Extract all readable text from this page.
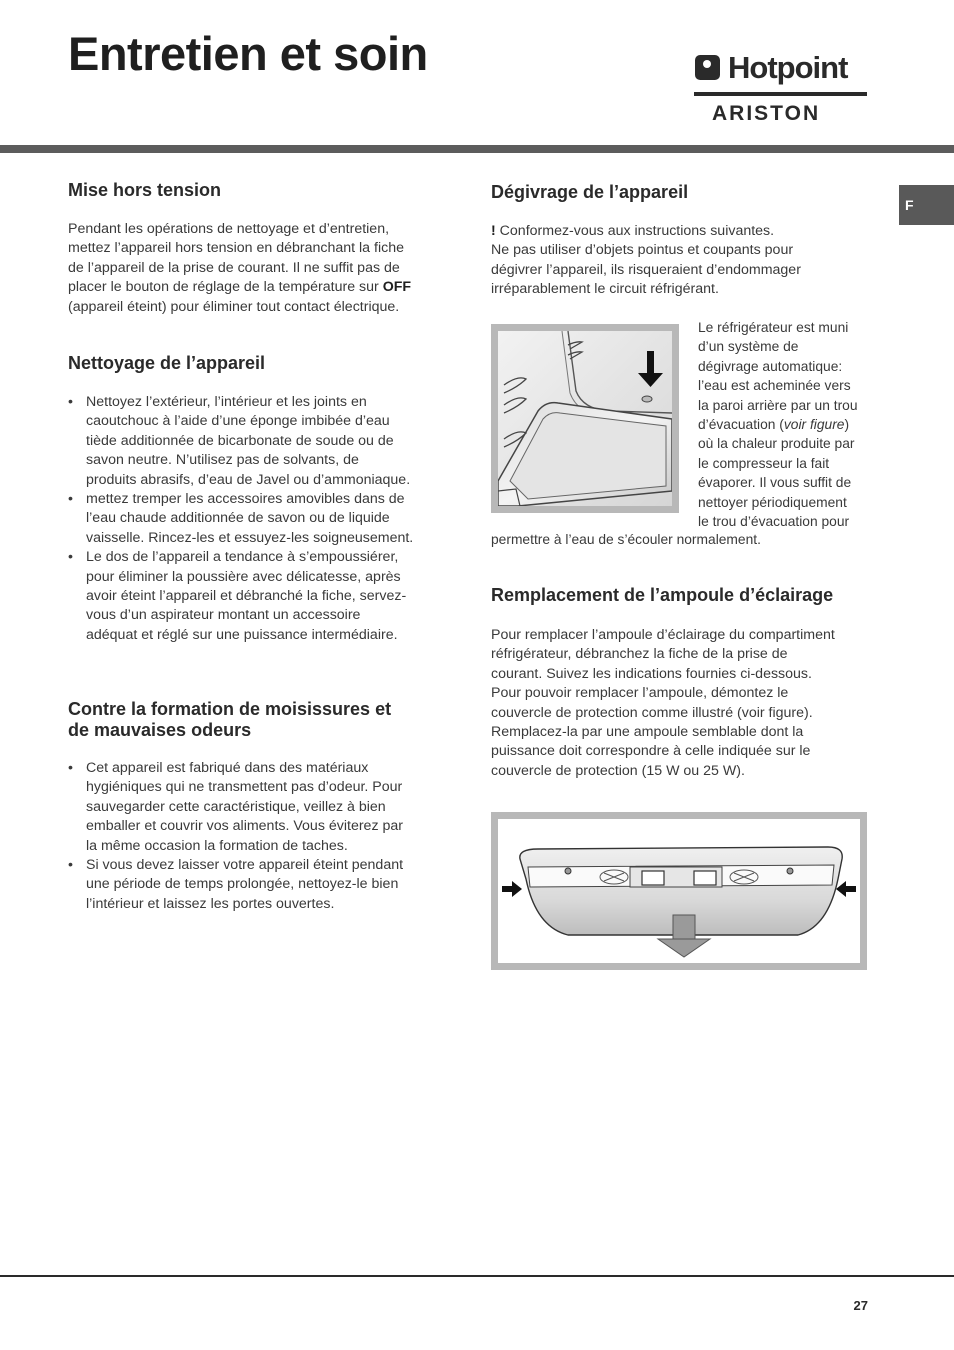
Entretien et soin	Hotpoint
ARISTON
F
Mise hors tension
Pendant les opérations de nettoyage et d’entretien,
mettez l’appareil hors tension en débranchant la fiche
de l’appareil de la prise de courant. Il ne suffit pas de
placer le bouton de réglage de la température sur OFF
(appareil éteint) pour éliminer tout contact électrique.
Nettoyage de l’appareil
• Nettoyez l’extérieur, l’intérieur et les joints en
caoutchouc à l’aide d’une éponge imbibée d’eau
tiède additionnée de bicarbonate de soude ou de
savon neutre. N’utilisez pas de solvants, de
produits abrasifs, d’eau de Javel ou d’ammoniaque.
• mettez tremper les accessoires amovibles dans de
l’eau chaude additionnée de savon ou de liquide
vaisselle. Rincez-les et essuyez-les soigneusement.
• Le dos de l’appareil a tendance à s’empoussiérer,
pour éliminer la poussière avec délicatesse, après
avoir éteint l’appareil et débranché la fiche, servez-
vous d’un aspirateur montant un accessoire
adéquat et réglé sur une puissance intermédiaire.
Contre la formation de moisissures et
de mauvaises odeurs
• Cet appareil est fabriqué dans des matériaux
hygiéniques qui ne transmettent pas d’odeur. Pour
sauvegarder cette caractéristique, veillez à bien
emballer et couvrir vos aliments. Vous éviterez par
la même occasion la formation de taches.
• Si vous devez laisser votre appareil éteint pendant
une période de temps prolongée, nettoyez-le bien
l’intérieur et laissez les portes ouvertes.
Dégivrage de l’appareil
! Conformez-vous aux instructions suivantes.
Ne pas utiliser d’objets pointus et coupants pour
dégivrer l’appareil, ils risqueraient d’endommager
irréparablement le circuit réfrigérant.
Le réfrigérateur est muni
d’un système de
dégivrage automatique:
l’eau est acheminée vers
la paroi arrière par un trou
d’évacuation (voir figure)
où la chaleur produite par
le compresseur la fait
évaporer. Il vous suffit de
nettoyer périodiquement
le trou d’évacuation pour
permettre à l’eau de s’écouler normalement.
Remplacement de l’ampoule d’éclairage
Pour remplacer l’ampoule d’éclairage du compartiment
réfrigérateur, débranchez la fiche de la prise de
courant. Suivez les indications fournies ci-dessous.
Pour pouvoir remplacer l’ampoule, démontez le
couvercle de protection comme illustré (voir figure).
Remplacez-la par une ampoule semblable dont la
puissance doit correspondre à celle indiquée sur le
couvercle de protection (15 W ou 25 W).
27
